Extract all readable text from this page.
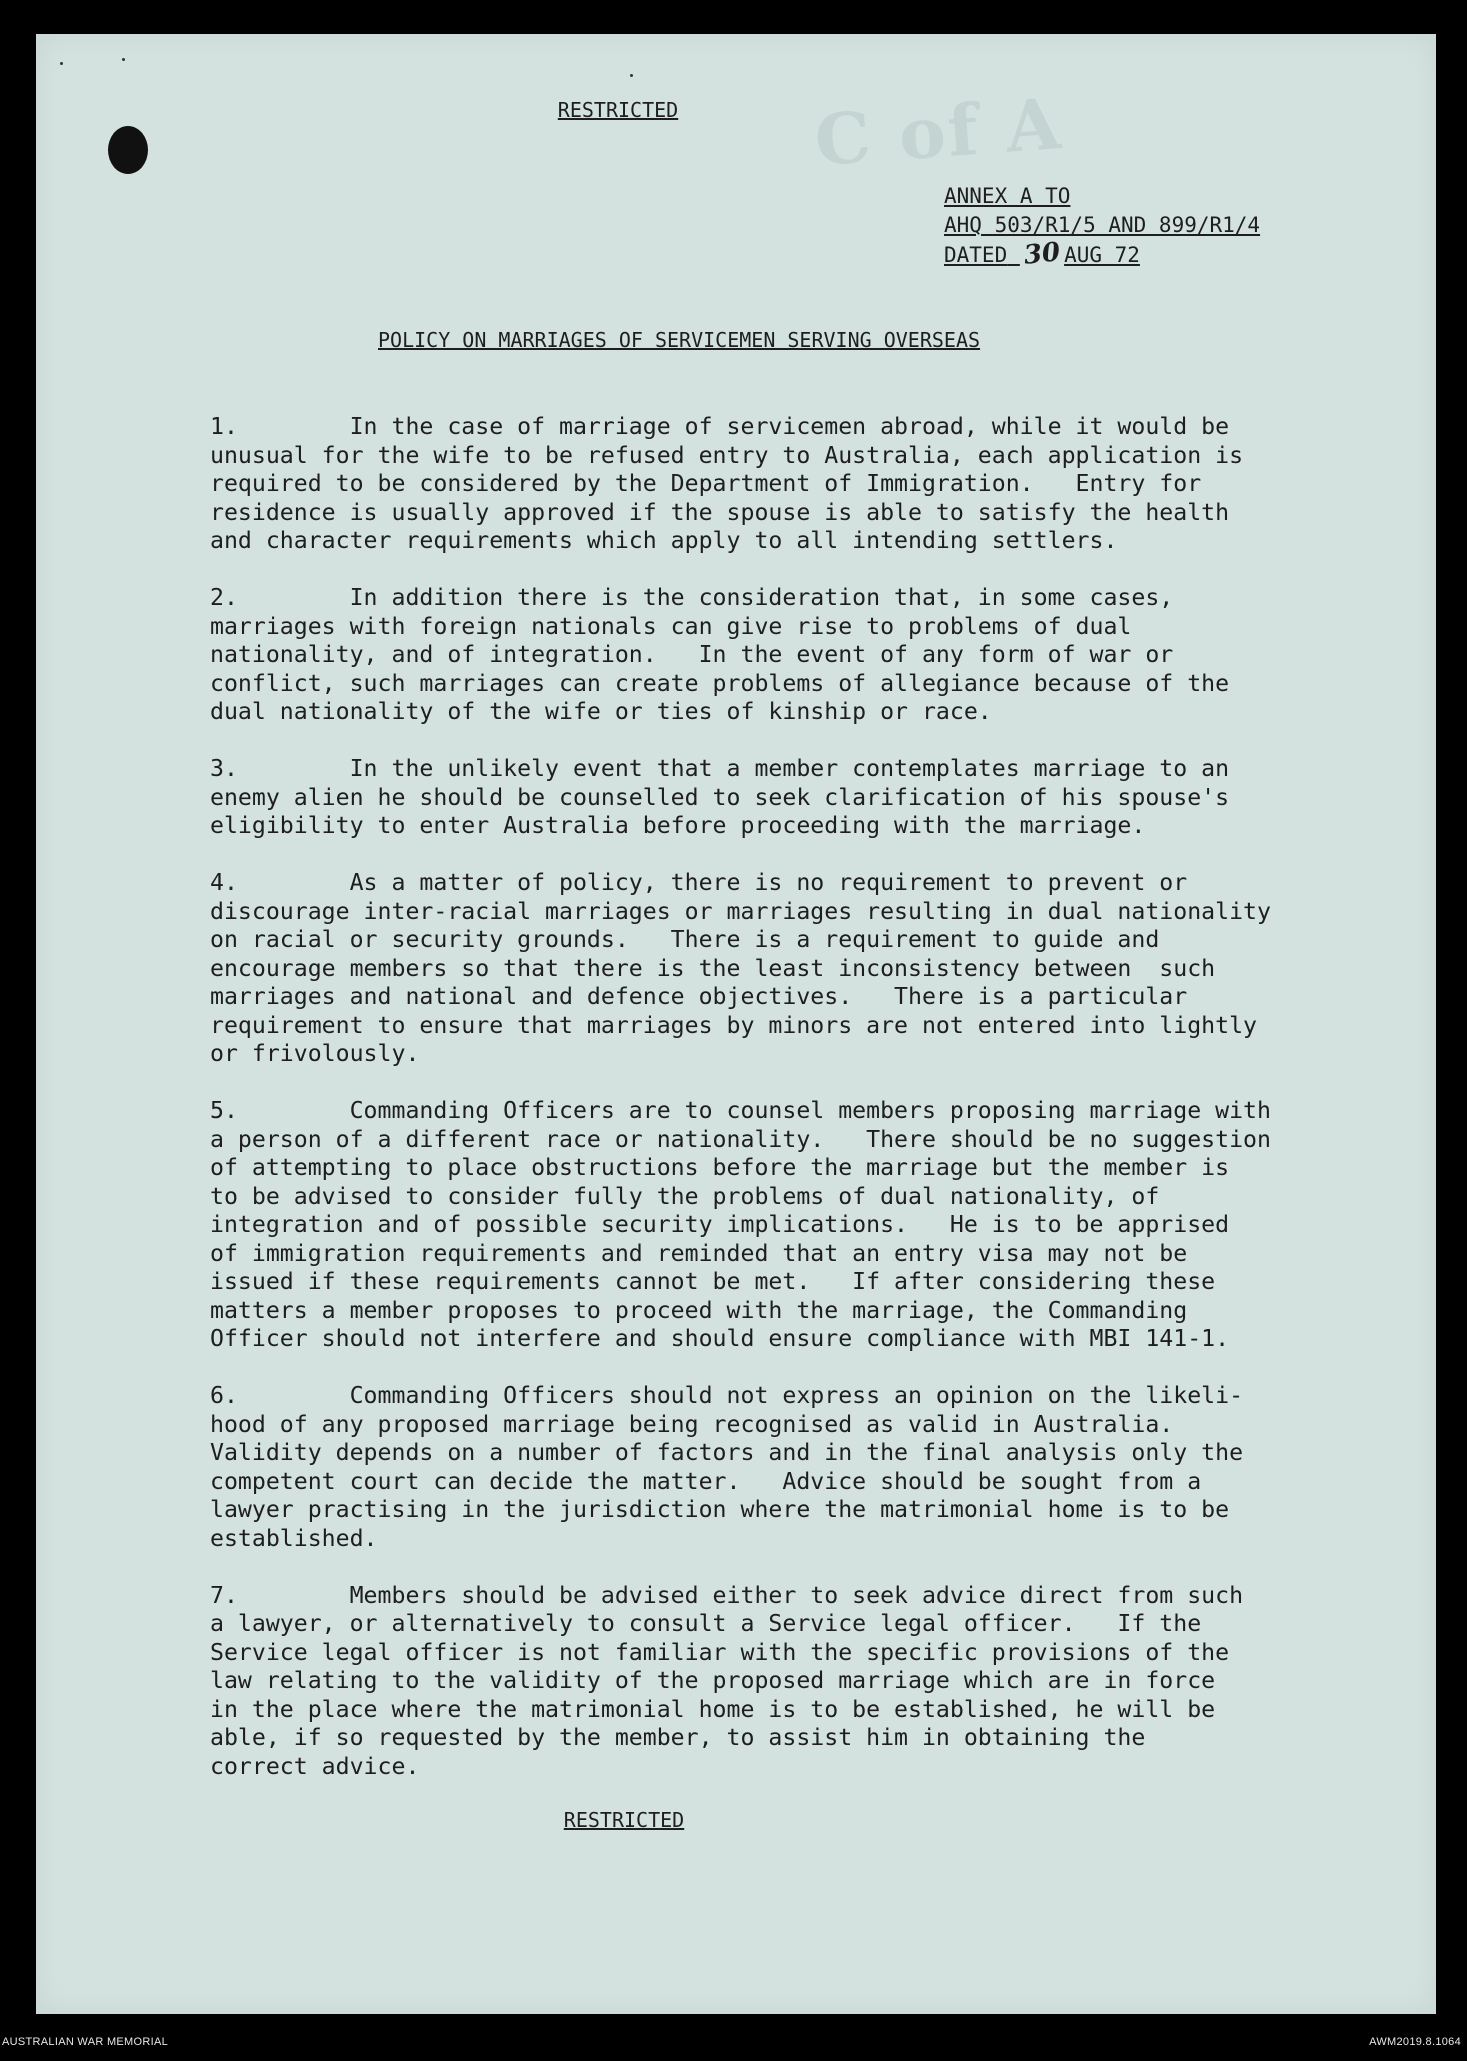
C of A
RESTRICTED
ANNEX A TO
AHQ 503/R1/5 AND 899/R1/4
DATED 30 AUG 72
POLICY ON MARRIAGES OF SERVICEMEN SERVING OVERSEAS
1.        In the case of marriage of servicemen abroad, while it would be
unusual for the wife to be refused entry to Australia, each application is
required to be considered by the Department of Immigration.   Entry for
residence is usually approved if the spouse is able to satisfy the health
and character requirements which apply to all intending settlers.
2.        In addition there is the consideration that, in some cases,
marriages with foreign nationals can give rise to problems of dual
nationality, and of integration.   In the event of any form of war or
conflict, such marriages can create problems of allegiance because of the
dual nationality of the wife or ties of kinship or race.
3.        In the unlikely event that a member contemplates marriage to an
enemy alien he should be counselled to seek clarification of his spouse's
eligibility to enter Australia before proceeding with the marriage.
4.        As a matter of policy, there is no requirement to prevent or
discourage inter-racial marriages or marriages resulting in dual nationality
on racial or security grounds.   There is a requirement to guide and
encourage members so that there is the least inconsistency between  such
marriages and national and defence objectives.   There is a particular
requirement to ensure that marriages by minors are not entered into lightly
or frivolously.
5.        Commanding Officers are to counsel members proposing marriage with
a person of a different race or nationality.   There should be no suggestion
of attempting to place obstructions before the marriage but the member is
to be advised to consider fully the problems of dual nationality, of
integration and of possible security implications.   He is to be apprised
of immigration requirements and reminded that an entry visa may not be
issued if these requirements cannot be met.   If after considering these
matters a member proposes to proceed with the marriage, the Commanding
Officer should not interfere and should ensure compliance with MBI 141-1.
6.        Commanding Officers should not express an opinion on the likeli-
hood of any proposed marriage being recognised as valid in Australia.
Validity depends on a number of factors and in the final analysis only the
competent court can decide the matter.   Advice should be sought from a
lawyer practising in the jurisdiction where the matrimonial home is to be
established.
7.        Members should be advised either to seek advice direct from such
a lawyer, or alternatively to consult a Service legal officer.   If the
Service legal officer is not familiar with the specific provisions of the
law relating to the validity of the proposed marriage which are in force
in the place where the matrimonial home is to be established, he will be
able, if so requested by the member, to assist him in obtaining the
correct advice.
RESTRICTED
AUSTRALIAN WAR MEMORIAL	AWM2019.8.1064
